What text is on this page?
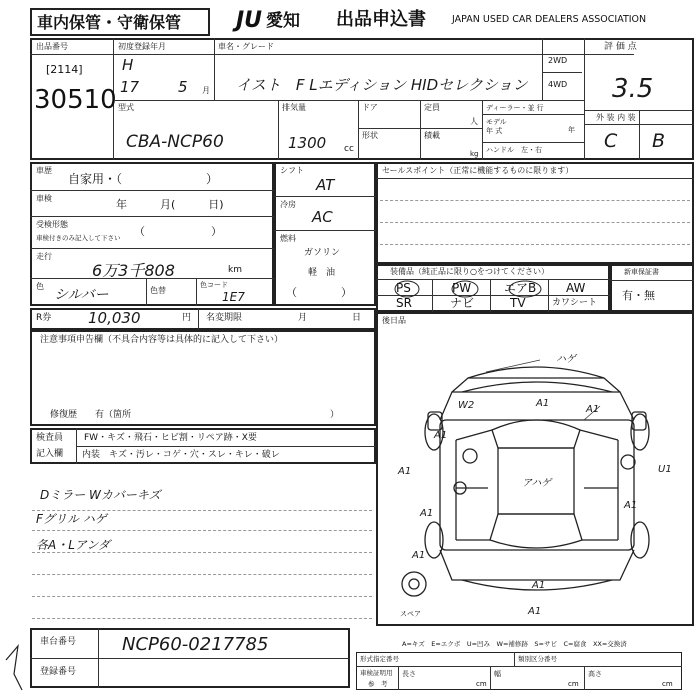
車内保管・守衛保管 JU 愛知 出品申込書	JAPAN USED CAR DEALERS ASSOCIATION
出品番号
[2114]
30510
初度登録年月
H
17	5 月
車名・グレード
イスト　F Lエディション HIDセレクション
2WD
4WD
評 価 点
3.5
外 装 内 装
C B
型式
CBA-NCP60
排気量
1300 cc
ドア
形状
定員
人
積載
kg
ディーラー・並 行
モデル
年 式	年
ハンドル　左・右
車歴
自家用・（　　　　　　　）
車検	年　　　月(　　　日)
受検形態
車検付きのみ記入して下さい （　　　　　　）
走行
6万3千808	km
色
シルバー	色替
色コード
1E7
シフト
AT
冷房
AC
燃料
ガソリン
軽　油
（　　　　）
セールスポイント（正常に機能するものに限ります）
装備品（純正品に限り○をつけてください）
PS	PW	エアB AW
SR	ナビ	TV	カワシート
新車保証書
有・無
R券 10,030	円 名変期限	月	日	後日品
ハゲ
A1
W2	A1
A1
A1
アハゲ
U1
A1
A1
A1
A1
A1
スペア
注意事項申告欄（不具合内容等は具体的に記入して下さい）
修復歴　　有（箇所	）
検査員
記入欄
FW・キズ・飛石・ヒビ割・リペア跡・X要
内装　キズ・汚レ・コゲ・穴・スレ・キレ・破レ
Dミラー Wカバーキズ
Fグリル ハゲ
各A・Lアンダ
A=キズ　E=エクボ　U=凹み　W=補修跡　S=サビ　C=腐食　XX=交換済
車台番号	NCP60-0217785
登録番号
形式指定番号	類別区分番号
車検証明用
参　考
長さ
cm
幅
cm
高さ
cm
